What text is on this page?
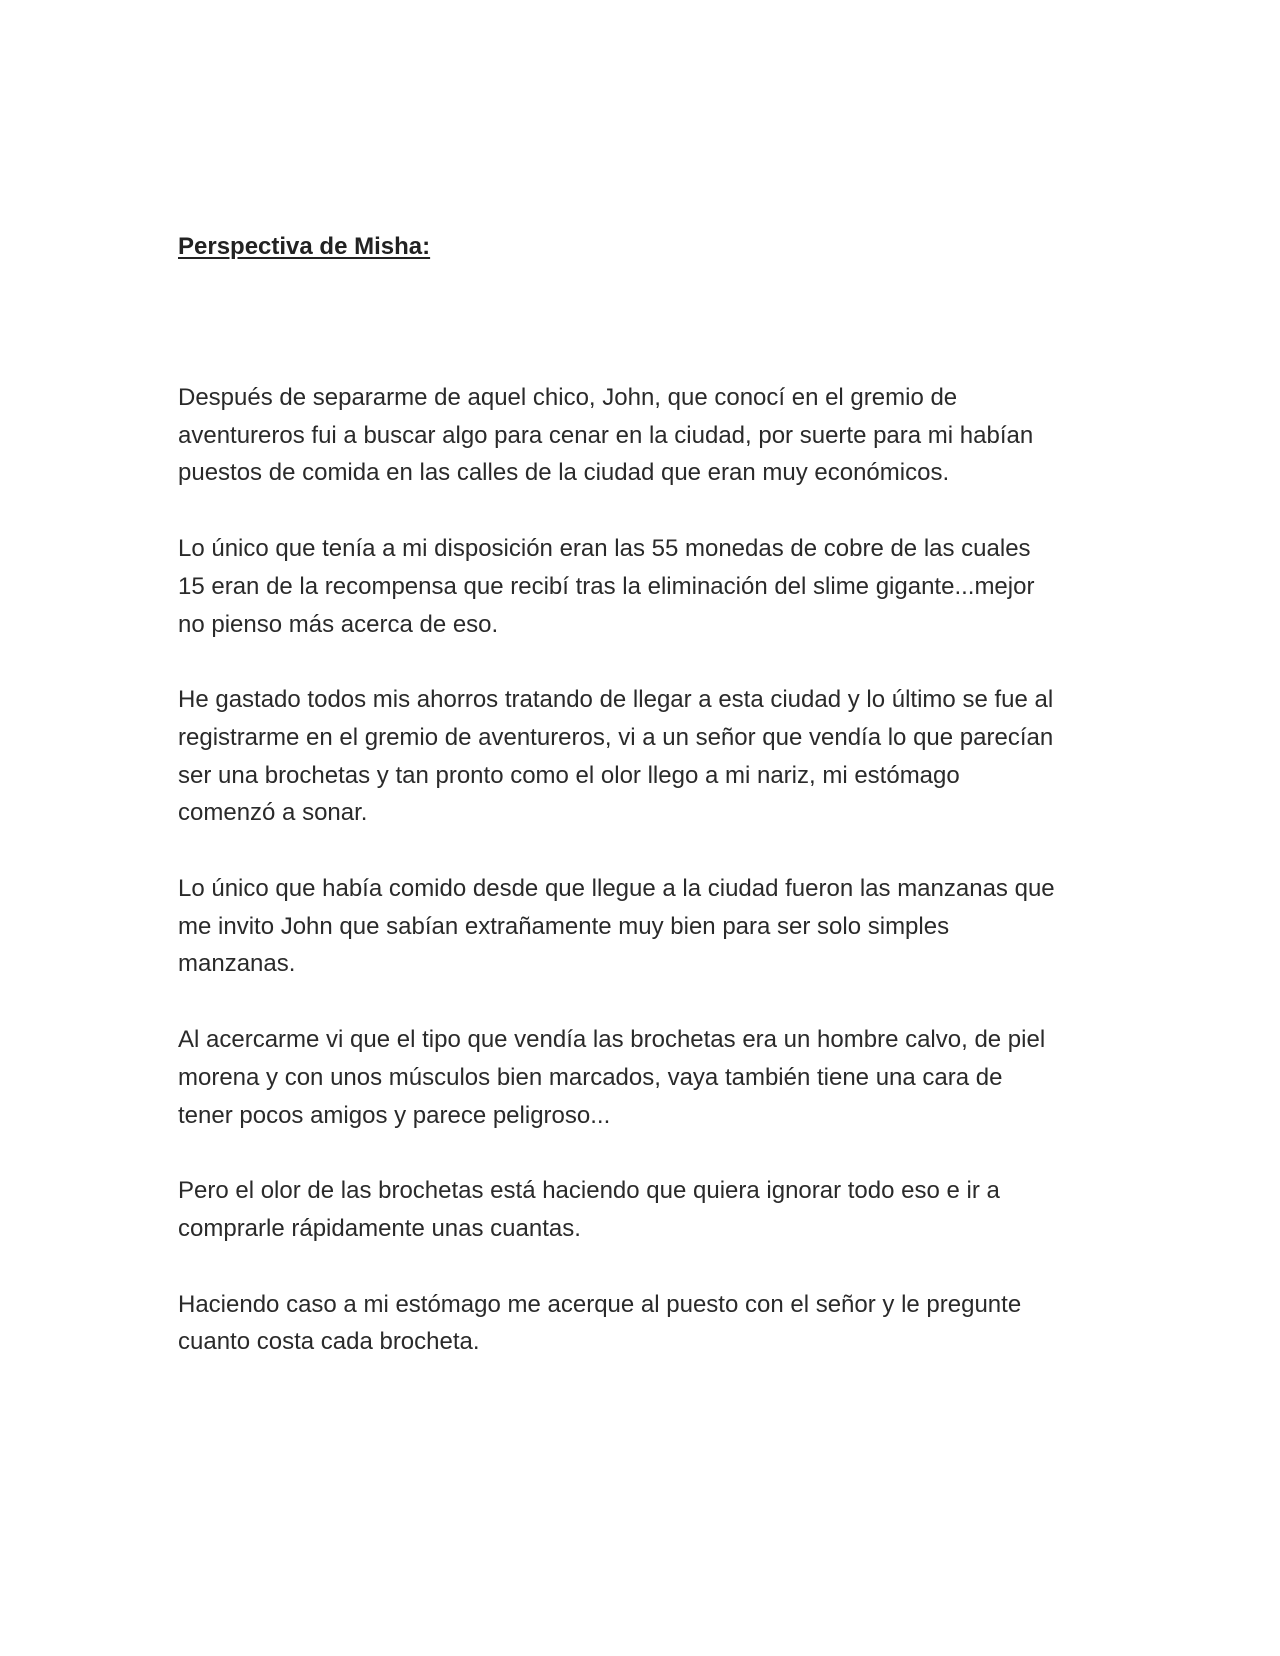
Perspectiva de Misha:

Después de separarme de aquel chico, John, que conocí en el gremio de
aventureros fui a buscar algo para cenar en la ciudad, por suerte para mi habían
puestos de comida en las calles de la ciudad que eran muy económicos.

Lo único que tenía a mi disposición eran las 55 monedas de cobre de las cuales
15 eran de la recompensa que recibí tras la eliminación del slime gigante...mejor
no pienso más acerca de eso.

He gastado todos mis ahorros tratando de llegar a esta ciudad y lo último se fue al
registrarme en el gremio de aventureros, vi a un señor que vendía lo que parecían
ser una brochetas y tan pronto como el olor llego a mi nariz, mi estómago
comenzó a sonar.

Lo único que había comido desde que llegue a la ciudad fueron las manzanas que
me invito John que sabían extrañamente muy bien para ser solo simples
manzanas.

Al acercarme vi que el tipo que vendía las brochetas era un hombre calvo, de piel
morena y con unos músculos bien marcados, vaya también tiene una cara de
tener pocos amigos y parece peligroso...

Pero el olor de las brochetas está haciendo que quiera ignorar todo eso e ir a
comprarle rápidamente unas cuantas.

Haciendo caso a mi estómago me acerque al puesto con el señor y le pregunte
cuanto costa cada brocheta.
